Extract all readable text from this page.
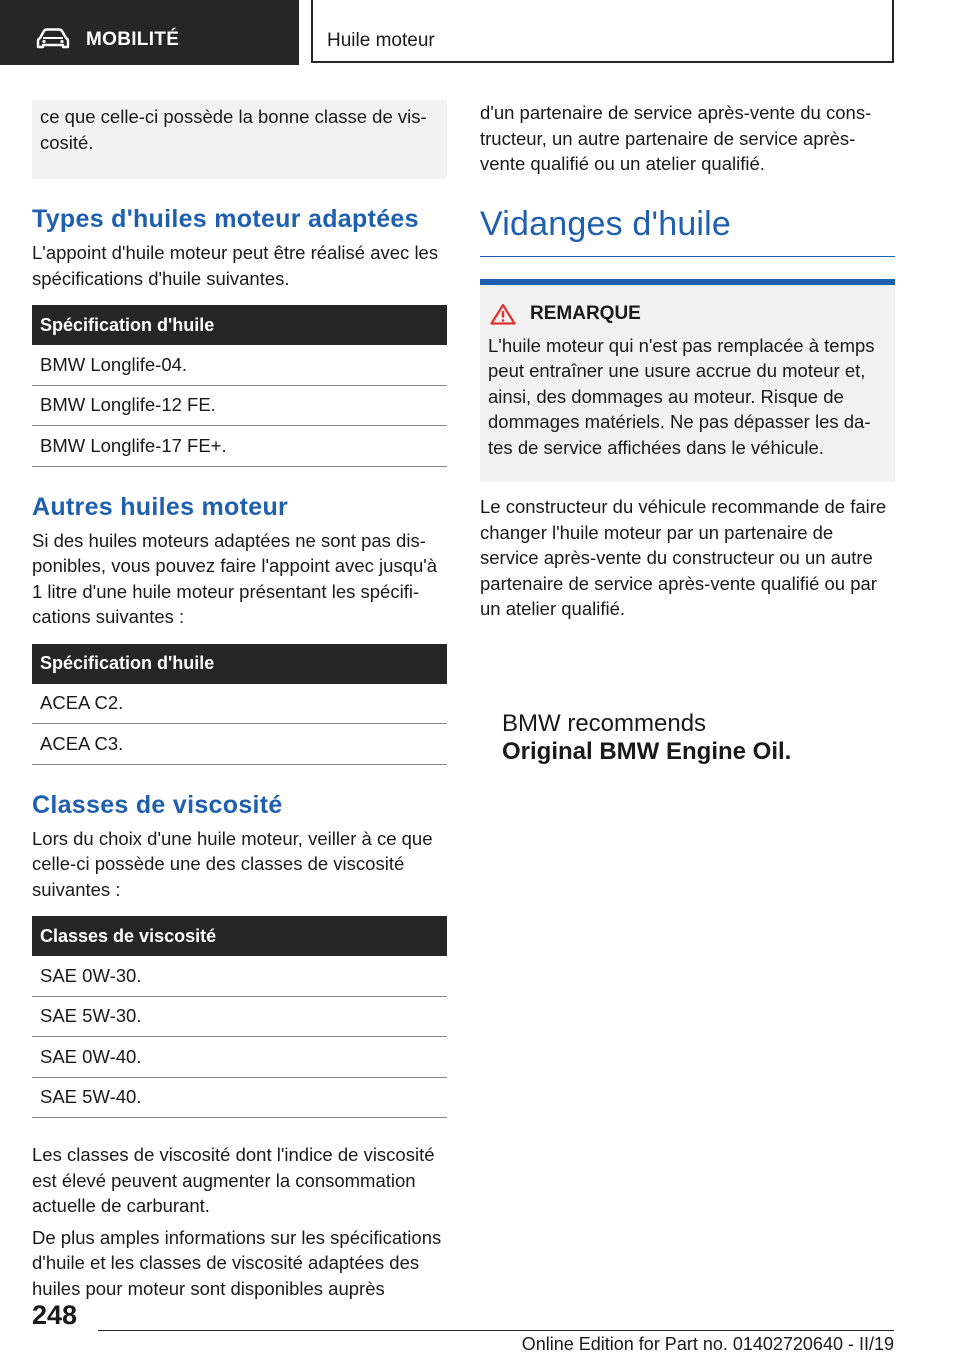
MOBILITÉ	Huile moteur
ce que celle-ci possède la bonne classe de viscosité.
Types d'huiles moteur adaptées

L'appoint d'huile moteur peut être réalisé avec les spécifications d'huile suivantes.

Spécification d'huile
BMW Longlife-04.
BMW Longlife-12 FE.
BMW Longlife-17 FE+.
Autres huiles moteur

Si des huiles moteurs adaptées ne sont pas disponibles, vous pouvez faire l'appoint avec jusqu'à 1 litre d'une huile moteur présentant les spécifications suivantes :

Spécification d'huile
ACEA C2.
ACEA C3.
Classes de viscosité

Lors du choix d'une huile moteur, veiller à ce que celle-ci possède une des classes de viscosité suivantes :

Classes de viscosité
SAE 0W-30.
SAE 5W-30.
SAE 0W-40.
SAE 5W-40.

Les classes de viscosité dont l'indice de viscosité est élevé peuvent augmenter la consommation actuelle de carburant.

De plus amples informations sur les spécifications d'huile et les classes de viscosité adaptées des huiles pour moteur sont disponibles auprès

d'un partenaire de service après-vente du constructeur, un autre partenaire de service après-vente qualifié ou un atelier qualifié.

Vidanges d'huile
REMARQUE

L'huile moteur qui n'est pas remplacée à temps peut entraîner une usure accrue du moteur et, ainsi, des dommages au moteur. Risque de dommages matériels. Ne pas dépasser les dates de service affichées dans le véhicule.

Le constructeur du véhicule recommande de faire changer l'huile moteur par un partenaire de service après-vente du constructeur ou un autre partenaire de service après-vente qualifié ou par un atelier qualifié.

BMW recommends
Original BMW Engine Oil.
248
Online Edition for Part no. 01402720640 - II/19
